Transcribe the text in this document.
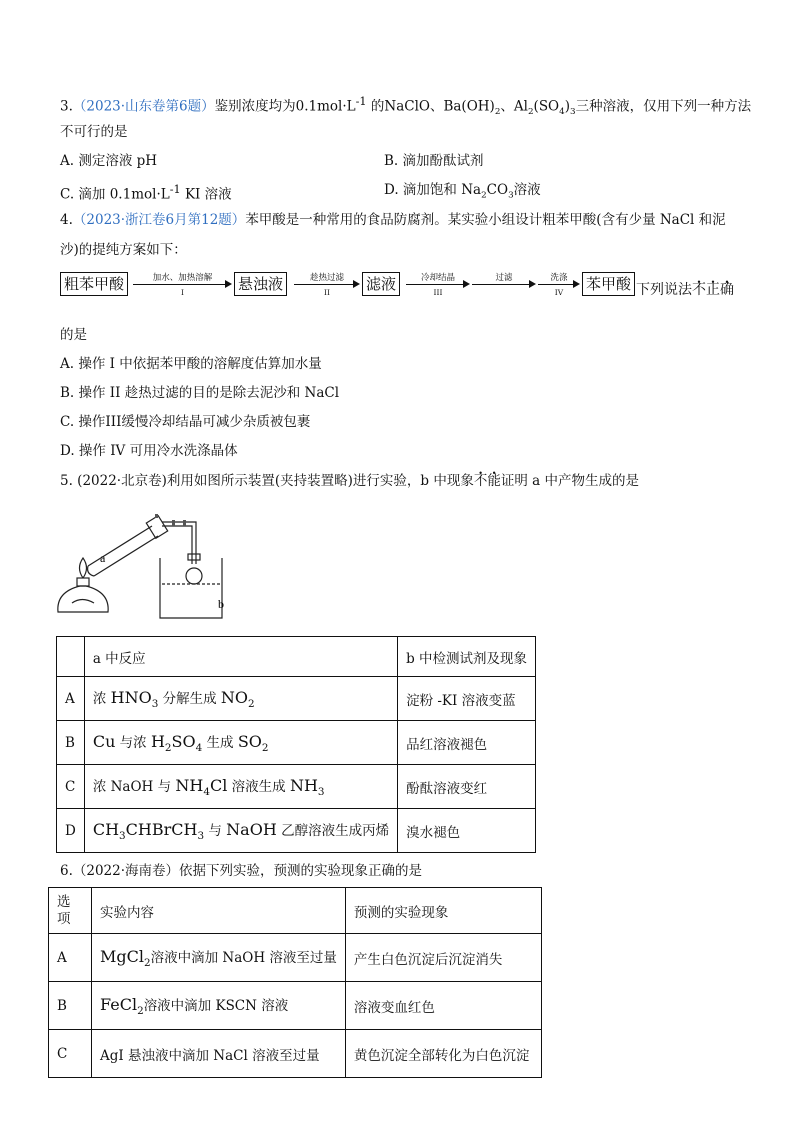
3.（2023·山东卷第6题）鉴别浓度均为$0.1mol\cdot L^{-1}$ 的NaClO、$Ba(OH)_2$、$Al_2(SO_4)_3$三种溶液，仅用下列一种方法
不可行的是
A. 测定溶液 pH	B. 滴加酚酞试剂
C. 滴加 $0.1mol\cdot L^{-1}$ KI 溶液	D. 滴加饱和 $Na_2CO_3$溶液
4.（2023·浙江卷6月第12题）苯甲酸是一种常用的食品防腐剂。某实验小组设计粗苯甲酸(含有少量 NaCl 和泥
沙)的提纯方案如下：
粗苯甲酸	加水、加热溶解
I	悬浊液	趁热过滤
II	滤液	冷却结晶
III
过滤	洗涤
IV	苯甲酸 下列说法不正确
的是
A. 操作 I 中依据苯甲酸的溶解度估算加水量
B. 操作 II 趁热过滤的目的是除去泥沙和 NaCl
C. 操作III缓慢冷却结晶可减少杂质被包裹
D. 操作 IV 可用冷水洗涤晶体
5. (2022·北京卷)利用如图所示装置(夹持装置略)进行实验，b 中现象不能证明 a 中产物生成的是
a
b
	a 中反应	b 中检测试剂及现象
A	浓 $HNO_3$ 分解生成 $NO_2$	淀粉 -KI 溶液变蓝
B	Cu 与浓 $H_2SO_4$ 生成 $SO_2$	品红溶液褪色
C	浓 NaOH 与 $NH_4Cl$ 溶液生成 $NH_3$	酚酞溶液变红
D	$CH_3CHBrCH_3$ 与 NaOH 乙醇溶液生成丙烯	溴水褪色
6.（2022·海南卷）依据下列实验，预测的实验现象正确的是
选项	实验内容	预测的实验现象
A	MgCl$_2$溶液中滴加 NaOH 溶液至过量	产生白色沉淀后沉淀消失
B	FeCl$_2$溶液中滴加 KSCN 溶液	溶液变血红色
C	AgI 悬浊液中滴加 NaCl 溶液至过量	黄色沉淀全部转化为白色沉淀
